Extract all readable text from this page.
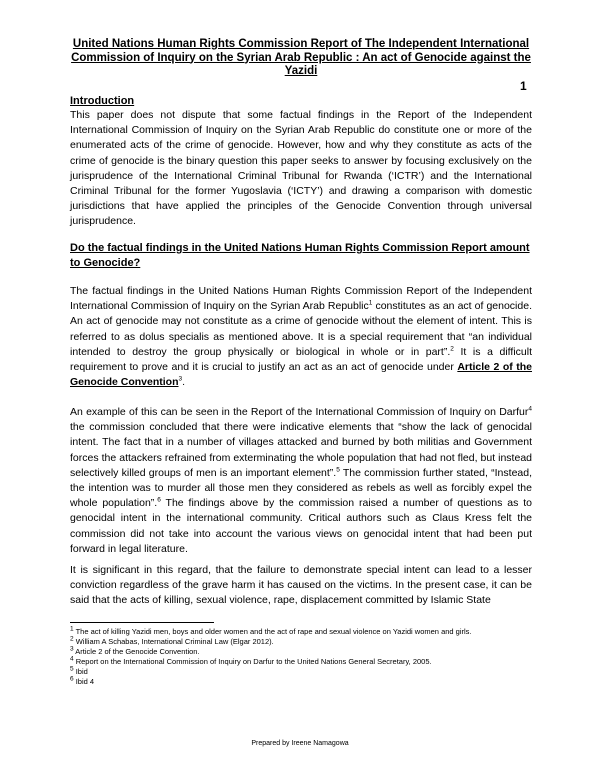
United Nations Human Rights Commission Report of The Independent International Commission of Inquiry on the Syrian Arab Republic : An act of Genocide against the Yazidi
1
Introduction

This paper does not dispute that some factual findings in the Report of the Independent International Commission of Inquiry on the Syrian Arab Republic do constitute one or more of the enumerated acts of the crime of genocide. However, how and why they constitute as acts of the crime of genocide is the binary question this paper seeks to answer by focusing exclusively on the jurisprudence of the International Criminal Tribunal for Rwanda (‘ICTR’) and the International Criminal Tribunal for the former Yugoslavia (‘ICTY’) and drawing a comparison with domestic jurisdictions that have applied the principles of the Genocide Convention through universal jurisprudence.

Do the factual findings in the United Nations Human Rights Commission Report amount to Genocide?

The factual findings in the United Nations Human Rights Commission Report of the Independent International Commission of Inquiry on the Syrian Arab Republic$^1$ constitutes as an act of genocide. An act of genocide may not constitute as a crime of genocide without the element of intent. This is referred to as dolus specialis as mentioned above. It is a special requirement that “an individual intended to destroy the group physically or biological in whole or in part”.$^2$ It is a difficult requirement to prove and it is crucial to justify an act as an act of genocide under Article 2 of the Genocide Convention$^3$.

An example of this can be seen in the Report of the International Commission of Inquiry on Darfur$^4$ the commission concluded that there were indicative elements that “show the lack of genocidal intent. The fact that in a number of villages attacked and burned by both militias and Government forces the attackers refrained from exterminating the whole population that had not fled, but instead selectively killed groups of men is an important element”.$^5$ The commission further stated, “Instead, the intention was to murder all those men they considered as rebels as well as forcibly expel the whole population”.$^6$ The findings above by the commission raised a number of questions as to genocidal intent in the international community. Critical authors such as Claus Kress felt the commission did not take into account the various views on genocidal intent that had been put forward in legal literature.

It is significant in this regard, that the failure to demonstrate special intent can lead to a lesser conviction regardless of the grave harm it has caused on the victims. In the present case, it can be said that the acts of killing, sexual violence, rape, displacement committed by Islamic State

$^1$ The act of killing Yazidi men, boys and older women and the act of rape and sexual violence on Yazidi women and girls.

$^2$ William A Schabas, International Criminal Law (Elgar 2012).

$^3$ Article 2 of the Genocide Convention.

$^4$ Report on the International Commission of Inquiry on Darfur to the United Nations General Secretary, 2005.

$^5$ Ibid

$^6$ Ibid 4

Prepared by Ireene Namagowa
